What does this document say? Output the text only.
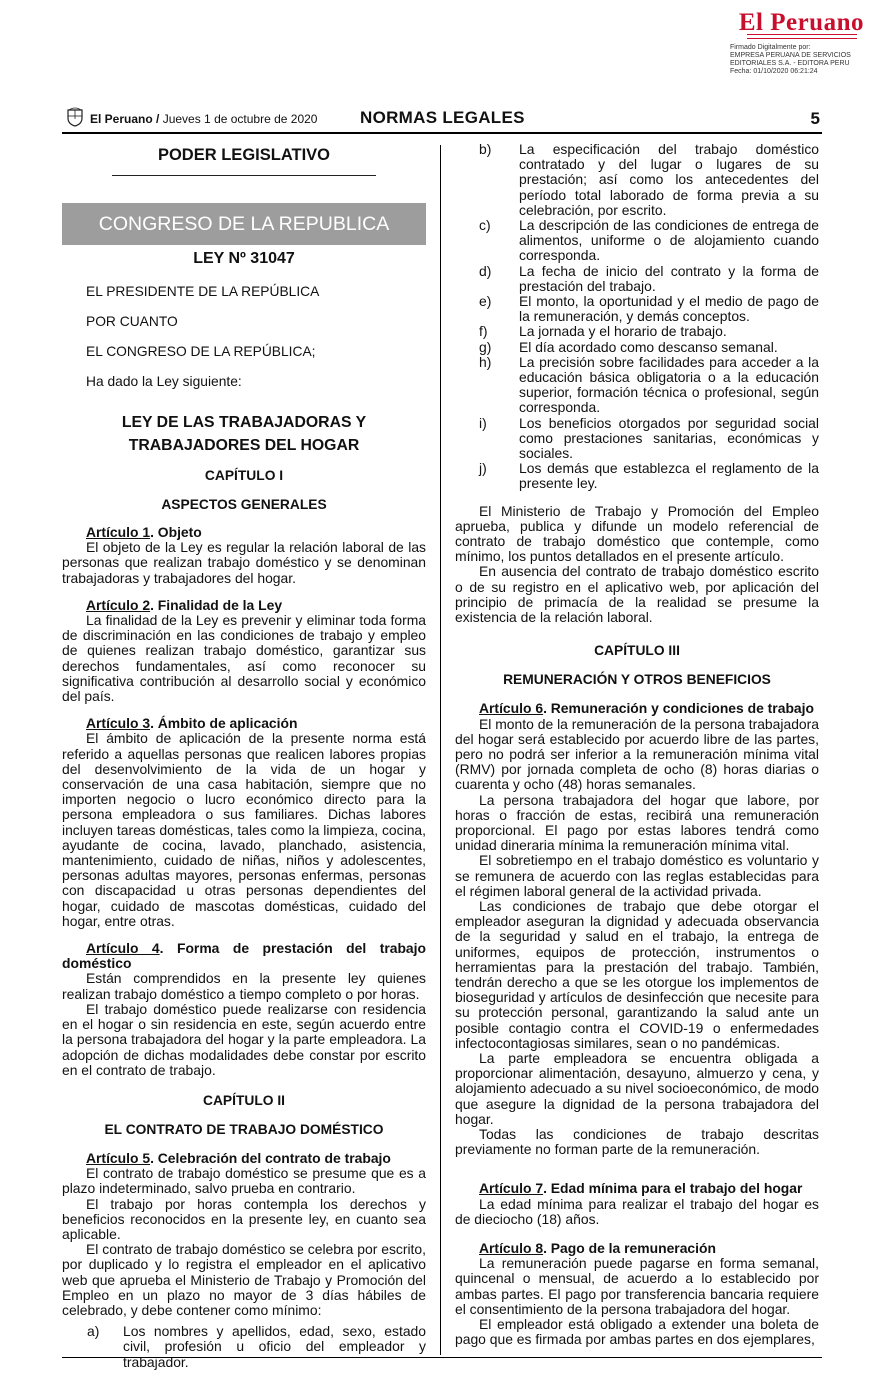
El Peruano
Firmado Digitalmente por:
EMPRESA PERUANA DE SERVICIOS
EDITORIALES S.A. - EDITORA PERU
Fecha: 01/10/2020 06:21:24
El Peruano / Jueves 1 de octubre de 2020	NORMAS LEGALES	5
PODER LEGISLATIVO
CONGRESO DE LA REPUBLICA
LEY Nº 31047
EL PRESIDENTE DE LA REPÚBLICA
POR CUANTO
EL CONGRESO DE LA REPÚBLICA;
Ha dado la Ley siguiente:
LEY DE LAS TRABAJADORAS Y
TRABAJADORES DEL HOGAR
CAPÍTULO I
ASPECTOS GENERALES
Artículo 1. Objeto

El objeto de la Ley es regular la relación laboral de las personas que realizan trabajo doméstico y se denominan trabajadoras y trabajadores del hogar.

Artículo 2. Finalidad de la Ley

La finalidad de la Ley es prevenir y eliminar toda forma de discriminación en las condiciones de trabajo y empleo de quienes realizan trabajo doméstico, garantizar sus derechos fundamentales, así como reconocer su significativa contribución al desarrollo social y económico del país.

Artículo 3. Ámbito de aplicación

El ámbito de aplicación de la presente norma está referido a aquellas personas que realicen labores propias del desenvolvimiento de la vida de un hogar y conservación de una casa habitación, siempre que no importen negocio o lucro económico directo para la persona empleadora o sus familiares. Dichas labores incluyen tareas domésticas, tales como la limpieza, cocina, ayudante de cocina, lavado, planchado, asistencia, mantenimiento, cuidado de niñas, niños y adolescentes, personas adultas mayores, personas enfermas, personas con discapacidad u otras personas dependientes del hogar, cuidado de mascotas domésticas, cuidado del hogar, entre otras.

Artículo 4. Forma de prestación del trabajo doméstico

Están comprendidos en la presente ley quienes realizan trabajo doméstico a tiempo completo o por horas.

El trabajo doméstico puede realizarse con residencia en el hogar o sin residencia en este, según acuerdo entre la persona trabajadora del hogar y la parte empleadora. La adopción de dichas modalidades debe constar por escrito en el contrato de trabajo.

CAPÍTULO II
EL CONTRATO DE TRABAJO DOMÉSTICO
Artículo 5. Celebración del contrato de trabajo

El contrato de trabajo doméstico se presume que es a plazo indeterminado, salvo prueba en contrario.

El trabajo por horas contempla los derechos y beneficios reconocidos en la presente ley, en cuanto sea aplicable.

El contrato de trabajo doméstico se celebra por escrito, por duplicado y lo registra el empleador en el aplicativo web que aprueba el Ministerio de Trabajo y Promoción del Empleo en un plazo no mayor de 3 días hábiles de celebrado, y debe contener como mínimo:

a)	Los nombres y apellidos, edad, sexo, estado civil, profesión u oficio del empleador y trabajador.
b)	La especificación del trabajo doméstico contratado y del lugar o lugares de su prestación; así como los antecedentes del período total laborado de forma previa a su celebración, por escrito.
c)	La descripción de las condiciones de entrega de alimentos, uniforme o de alojamiento cuando corresponda.
d)	La fecha de inicio del contrato y la forma de prestación del trabajo.
e)	El monto, la oportunidad y el medio de pago de la remuneración, y demás conceptos.
f)	La jornada y el horario de trabajo.
g)	El día acordado como descanso semanal.
h)	La precisión sobre facilidades para acceder a la educación básica obligatoria o a la educación superior, formación técnica o profesional, según corresponda.
i)	Los beneficios otorgados por seguridad social como prestaciones sanitarias, económicas y sociales.
j)	Los demás que establezca el reglamento de la presente ley.

El Ministerio de Trabajo y Promoción del Empleo aprueba, publica y difunde un modelo referencial de contrato de trabajo doméstico que contemple, como mínimo, los puntos detallados en el presente artículo.

En ausencia del contrato de trabajo doméstico escrito o de su registro en el aplicativo web, por aplicación del principio de primacía de la realidad se presume la existencia de la relación laboral.

CAPÍTULO III
REMUNERACIÓN Y OTROS BENEFICIOS
Artículo 6. Remuneración y condiciones de trabajo

El monto de la remuneración de la persona trabajadora del hogar será establecido por acuerdo libre de las partes, pero no podrá ser inferior a la remuneración mínima vital (RMV) por jornada completa de ocho (8) horas diarias o cuarenta y ocho (48) horas semanales.

La persona trabajadora del hogar que labore, por horas o fracción de estas, recibirá una remuneración proporcional. El pago por estas labores tendrá como unidad dineraria mínima la remuneración mínima vital.

El sobretiempo en el trabajo doméstico es voluntario y se remunera de acuerdo con las reglas establecidas para el régimen laboral general de la actividad privada.

Las condiciones de trabajo que debe otorgar el empleador aseguran la dignidad y adecuada observancia de la seguridad y salud en el trabajo, la entrega de uniformes, equipos de protección, instrumentos o herramientas para la prestación del trabajo. También, tendrán derecho a que se les otorgue los implementos de bioseguridad y artículos de desinfección que necesite para su protección personal, garantizando la salud ante un posible contagio contra el COVID-19 o enfermedades infectocontagiosas similares, sean o no pandémicas.

La parte empleadora se encuentra obligada a proporcionar alimentación, desayuno, almuerzo y cena, y alojamiento adecuado a su nivel socioeconómico, de modo que asegure la dignidad de la persona trabajadora del hogar.

Todas las condiciones de trabajo descritas previamente no forman parte de la remuneración.

Artículo 7. Edad mínima para el trabajo del hogar

La edad mínima para realizar el trabajo del hogar es de dieciocho (18) años.

Artículo 8. Pago de la remuneración

La remuneración puede pagarse en forma semanal, quincenal o mensual, de acuerdo a lo establecido por ambas partes. El pago por transferencia bancaria requiere el consentimiento de la persona trabajadora del hogar.

El empleador está obligado a extender una boleta de pago que es firmada por ambas partes en dos ejemplares,
